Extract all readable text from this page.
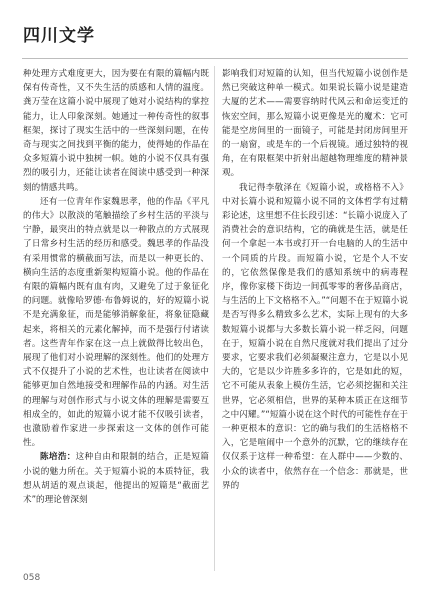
四川文学

种处理方式难度更大，因为要在有限的篇幅内既保有传奇性，又不失生活的质感和人情的温度。龚万莹在这篇小说中展现了她对小说结构的掌控能力，让人印象深刻。她通过一种传奇性的叙事框架，探讨了现实生活中的一些深刻问题，在传奇与现实之间找到平衡的能力，使得她的作品在众多短篇小说中独树一帜。她的小说不仅具有强烈的吸引力，还能让读者在阅读中感受到一种深刻的情感共鸣。

还有一位青年作家魏思孝，他的作品《平凡的伟大》以散淡的笔触描绘了乡村生活的平淡与宁静，最突出的特点就是以一种散点的方式展现了日常乡村生活的经历和感受。魏思孝的作品没有采用惯常的横截面写法，而是以一种更长的、横向生活的态度重新架构短篇小说。他的作品在有限的篇幅内既有血有肉，又避免了过于象征化的问题。就像哈罗德·布鲁姆说的，好的短篇小说不是充满象征，而是能够消解象征，将象征隐藏起来，将相关的元素化解掉，而不是强行付诸读者。这些青年作家在这一点上就做得比较出色，展现了他们对小说理解的深刻性。他们的处理方式不仅提升了小说的艺术性，也让读者在阅读中能够更加自然地接受和理解作品的内涵。对生活的理解与对创作形式与小说文体的理解是需要互相成全的，如此的短篇小说才能不仅吸引读者，也激励着作家进一步探索这一文体的创作可能性。

陈培浩：这种自由和限制的结合，正是短篇小说的魅力所在。关于短篇小说的本质特征，我想从胡适的观点谈起，他提出的短篇是“截面艺术”的理论曾深刻

影响我们对短篇的认知，但当代短篇小说创作是然已突破这种单一模式。如果说长篇小说是建造大厦的艺术——需要容纳时代风云和命运变迁的恢宏空间，那么短篇小说更像是光的魔术：它可能是空房间里的一面镜子，可能是封闭房间里开的一扇窗，或是车的一个后视镜。通过独特的视角，在有限框架中折射出超越物理维度的精神景观。

我记得李敬泽在《短篇小说，或格格不入》中对长篇小说和短篇小说不同的文体哲学有过精彩论述，这里想不住长段引述：“长篇小说庞入了消费社会的意识结构，它的确就是生活，就是任何一个拿起一本书或打开一台电脑的人的生活中一个同质的片段。而短篇小说，它是个人不安的，它依然保像是我们的感知系统中的病毒程序，像你家楼下街边一间孤零零的奢侈品商店，与生活的上下文格格不入。”“问题不在于短篇小说是否写得多么精致多么艺术，实际上现有的大多数短篇小说都与大多数长篇小说一样乏闷，问题在于，短篇小说在自然尺度就对我们提出了过分要求，它要求我们必须凝聚注意力，它是以小见大的，它是以少许胜多多许的，它是如此的短，它不可能从表象上模仿生活，它必须挖掘和关注世界，它必须相信，世界的某种本质正在这细节之中闪耀。”“短篇小说在这个时代的可能性存在于一种更根本的意识：它的确与我们的生活格格不入，它是喧闹中一个意外的沉默，它的继续存在仅仅系于这样一种希望：在人群中——少数的、小众的读者中，依然存在一个信念：那就是，世界的

058
